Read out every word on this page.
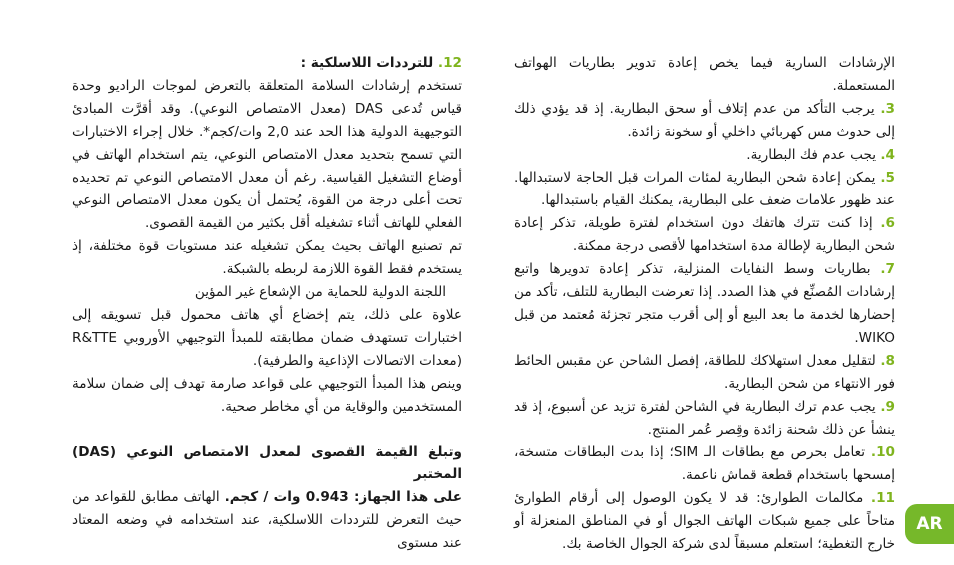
الإرشادات السارية فيما يخص إعادة تدوير بطاريات الهواتف المستعملة.

3. يرجب التأكد من عدم إتلاف أو سحق البطارية. إذ قد يؤدي ذلك إلى حدوث مس كهربائي داخلي أو سخونة زائدة.

4. يجب عدم فك البطارية.

5. يمكن إعادة شحن البطارية لمئات المرات قبل الحاجة لاستبدالها. عند ظهور علامات ضعف على البطارية، يمكنك القيام باستبدالها.

6. إذا كنت تترك هاتفك دون استخدام لفترة طويلة، تذكر إعادة شحن البطارية لإطالة مدة استخدامها لأقصى درجة ممكنة.

7. بطاريات وسط النفايات المنزلية، تذكر إعادة تدويرها واتبع إرشادات المُصنِّع في هذا الصدد. إذا تعرضت البطارية للتلف، تأكد من إحضارها لخدمة ما بعد البيع أو إلى أقرب متجر تجزئة مُعتمد من قبل WIKO.

8. لتقليل معدل استهلاكك للطاقة، إفصل الشاحن عن مقبس الحائط فور الانتهاء من شحن البطارية.

9. يجب عدم ترك البطارية في الشاحن لفترة تزيد عن أسبوع، إذ قد ينشأ عن ذلك شحنة زائدة وقِصر عُمر المنتج.

10. تعامل بحرص مع بطاقات الـ SIM؛ إذا بدت البطاقات متسخة، إمسحها باستخدام قطعة قماش ناعمة.

11. مكالمات الطوارئ: قد لا يكون الوصول إلى أرقام الطوارئ متاحاً على جميع شبكات الهاتف الجوال أو في المناطق المنعزلة أو خارج التغطية؛ استعلم مسبقاً لدى شركة الجوال الخاصة بك.

12. للترددات اللاسلكية :

تستخدم إرشادات السلامة المتعلقة بالتعرض لموجات الراديو وحدة قياس تُدعى DAS (معدل الامتصاص النوعي). وقد أقرَّت المبادئ التوجيهية الدولية هذا الحد عند 2,0 وات/كجم*. خلال إجراء الاختبارات التي تسمح بتحديد معدل الامتصاص النوعي، يتم استخدام الهاتف في أوضاع التشغيل القياسية. رغم أن معدل الامتصاص النوعي تم تحديده تحت أعلى درجة من القوة، يُحتمل أن يكون معدل الامتصاص النوعي الفعلي للهاتف أثناء تشغيله أقل بكثير من القيمة القصوى.

تم تصنيع الهاتف بحيث يمكن تشغيله عند مستويات قوة مختلفة، إذ يستخدم فقط القوة اللازمة لربطه بالشبكة.

اللجنة الدولية للحماية من الإشعاع غير المؤين

علاوة على ذلك، يتم إخضاع أي هاتف محمول قبل تسويقه إلى اختبارات تستهدف ضمان مطابقته للمبدأ التوجيهي الأوروبي R&TTE (معدات الاتصالات الإذاعية والطرفية).

وينص هذا المبدأ التوجيهي على قواعد صارمة تهدف إلى ضمان سلامة المستخدمين والوقاية من أي مخاطر صحية.

وتبلغ القيمة القصوى لمعدل الامتصاص النوعي (DAS) المختبر

على هذا الجهاز: 0.943 وات / كجم. الهاتف مطابق للقواعد من حيث التعرض للترددات اللاسلكية، عند استخدامه في وضعه المعتاد عند مستوى

AR
